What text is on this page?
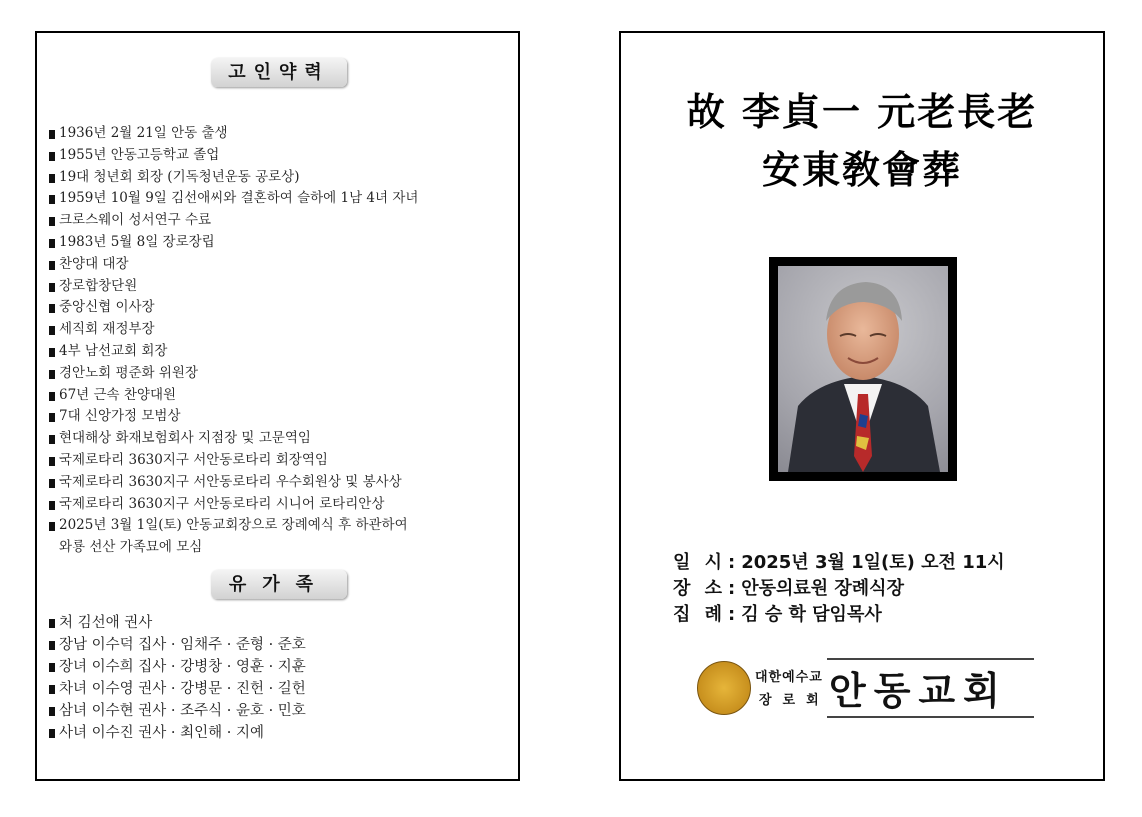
고인약력
1936년 2월 21일 안동 출생
1955년 안동고등학교 졸업
19대 청년회 회장 (기독청년운동 공로상)
1959년 10월 9일 김선애씨와 결혼하여 슬하에 1남 4녀 자녀
크로스웨이 성서연구 수료
1983년 5월 8일 장로장립
찬양대 대장
장로합창단원
중앙신협 이사장
세직회 재정부장
4부 남선교회 회장
경안노회 평준화 위원장
67년 근속 찬양대원
7대 신앙가정 모범상
현대해상 화재보험회사 지점장 및 고문역임
국제로타리 3630지구 서안동로타리 회장역임
국제로타리 3630지구 서안동로타리 우수회원상 및 봉사상
국제로타리 3630지구 서안동로타리 시니어 로타리안상
2025년 3월 1일(토) 안동교회장으로 장례예식 후 하관하여
와룡 선산 가족묘에 모심
유가족
처 김선애 권사
장남 이수덕 집사 · 임채주 · 준형 · 준호
장녀 이수희 집사 · 강병창 · 영훈 · 지훈
차녀 이수영 권사 · 강병문 · 진헌 · 길헌
삼녀 이수현 권사 · 조주식 · 윤호 · 민호
사녀 이수진 권사 · 최인해 · 지예
故 李貞一 元老長老
安東敎會葬
일 시 : 2025년 3월 1일(토) 오전 11시
장 소 : 안동의료원 장례식장
집 례 : 김 승 학 담임목사
대한예수교
장로회 안동교회
